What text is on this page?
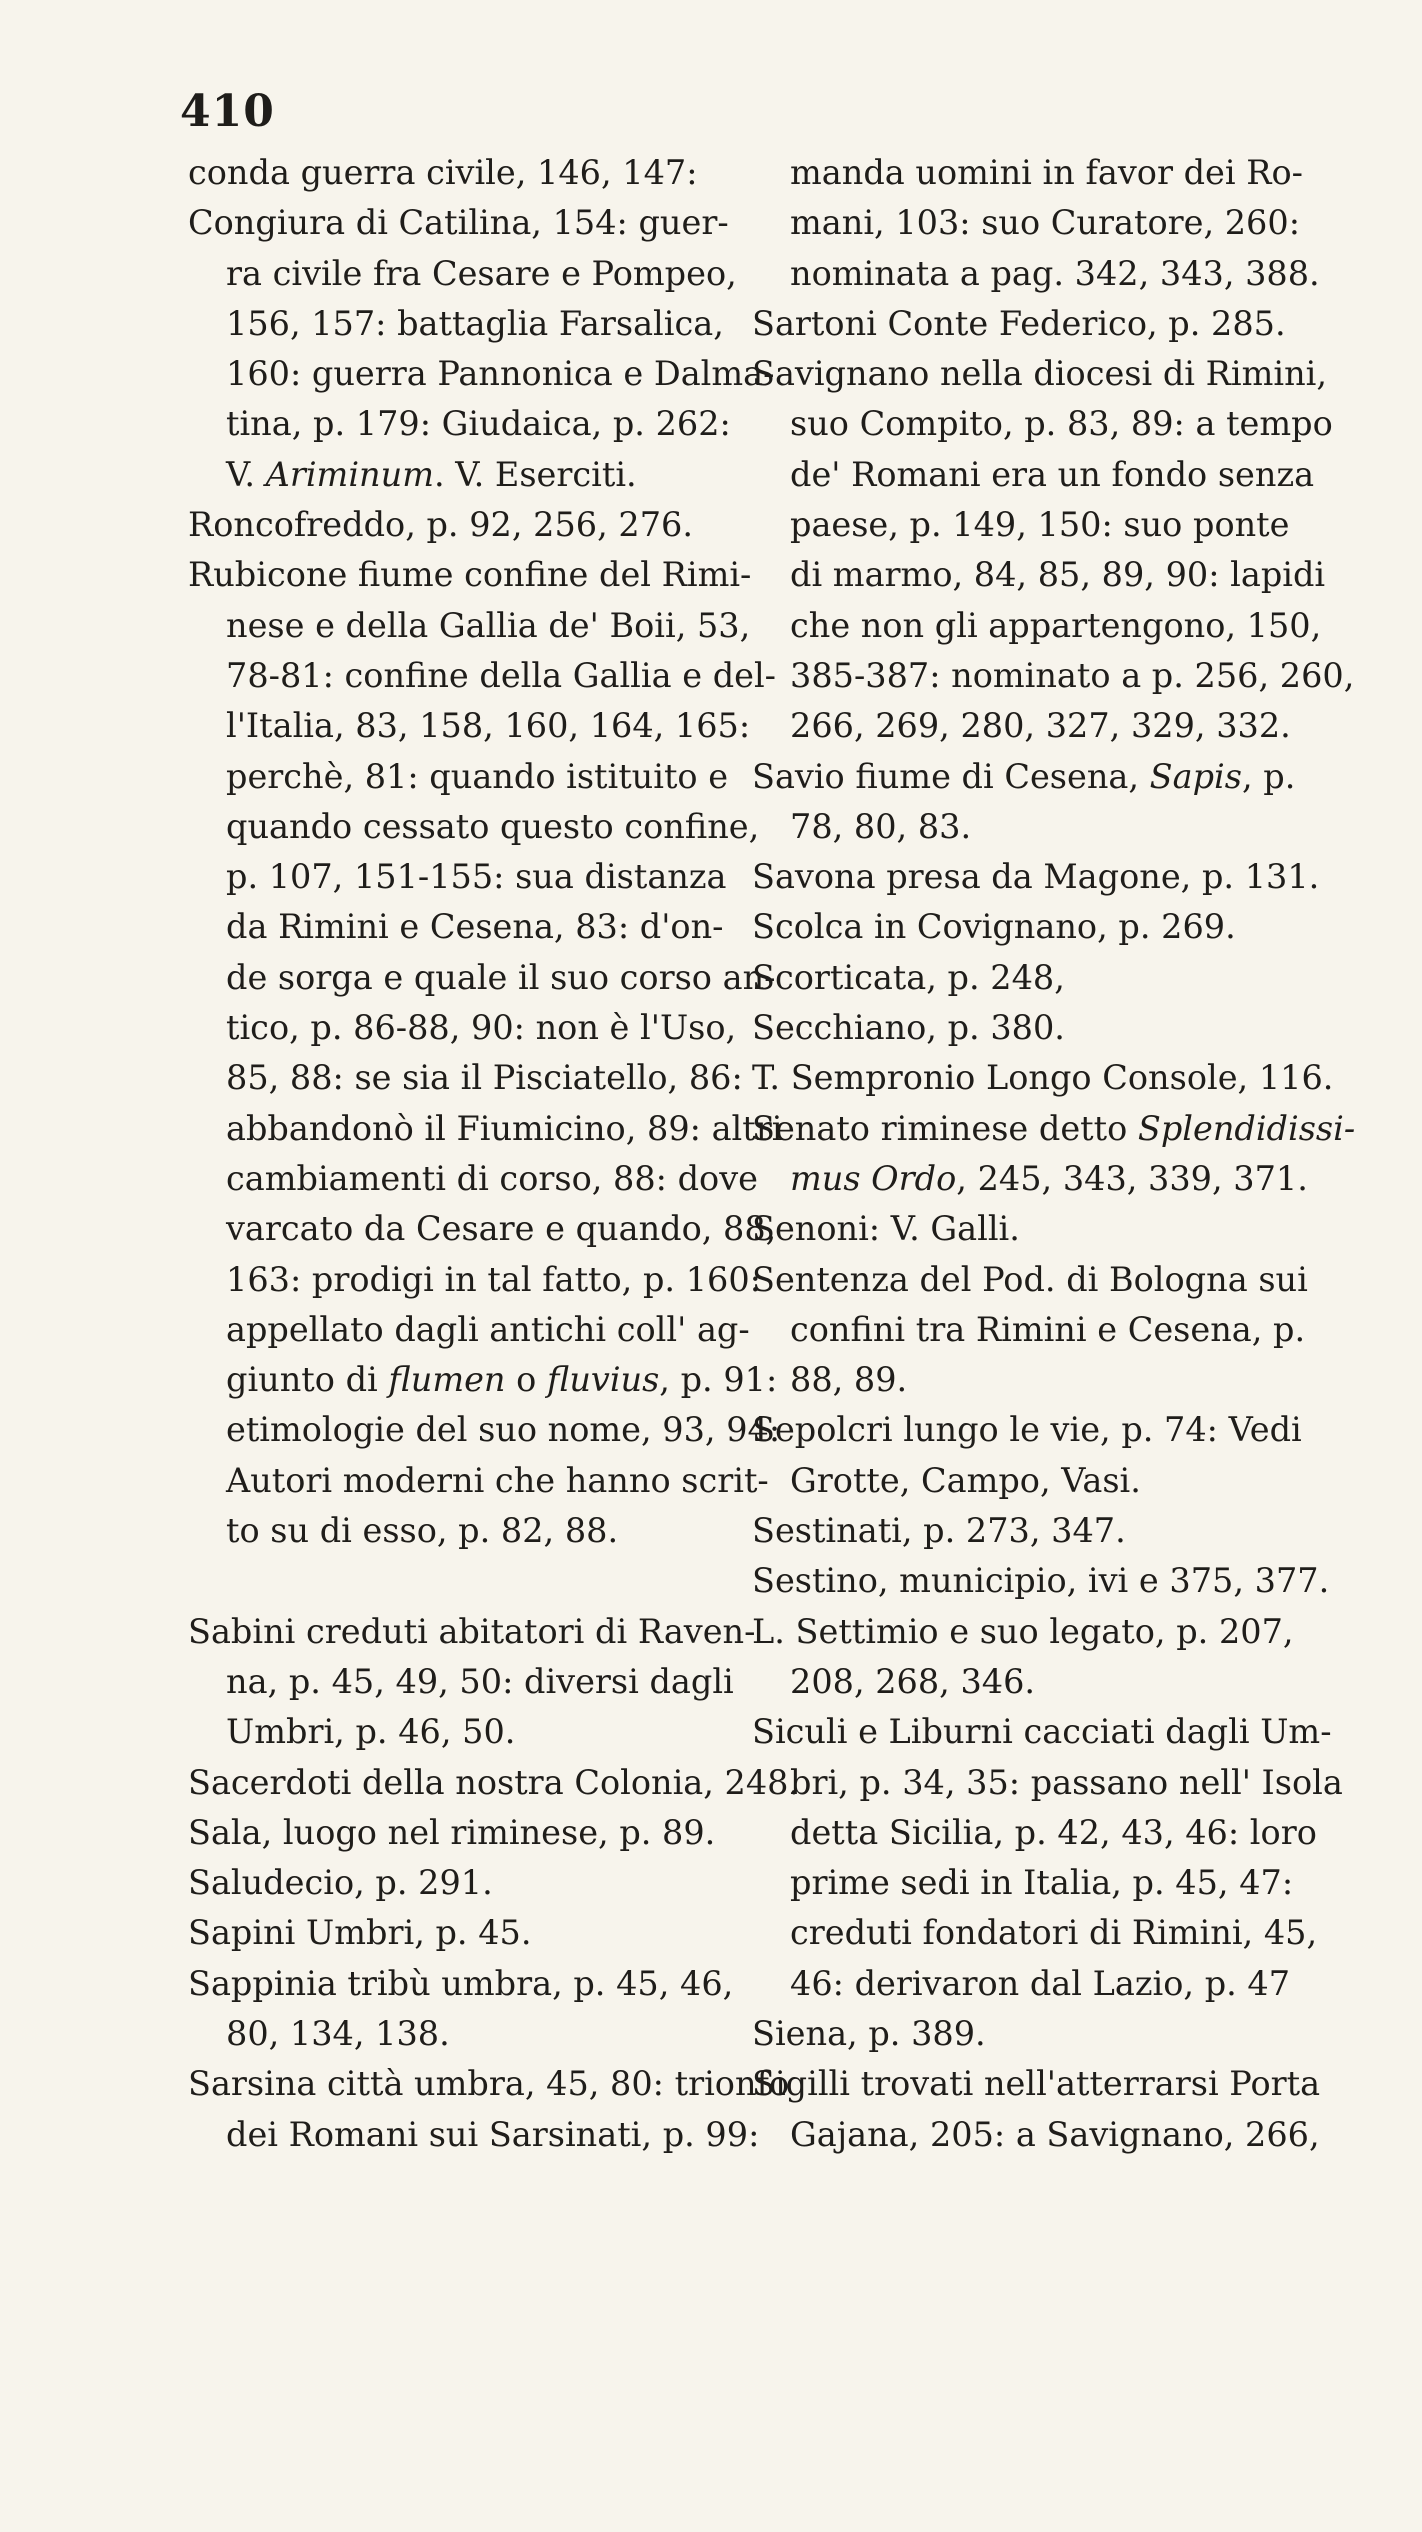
410
conda guerra civile, 146, 147:
Congiura di Catilina, 154: guer-
ra civile fra Cesare e Pompeo,
156, 157: battaglia Farsalica,
160: guerra Pannonica e Dalma-
tina, p. 179: Giudaica, p. 262:
V. Ariminum. V. Eserciti.
Roncofreddo, p. 92, 256, 276.
Rubicone fiume confine del Rimi-
nese e della Gallia de' Boii, 53,
78-81: confine della Gallia e del-
l'Italia, 83, 158, 160, 164, 165:
perchè, 81: quando istituito e
quando cessato questo confine,
p. 107, 151-155: sua distanza
da Rimini e Cesena, 83: d'on-
de sorga e quale il suo corso an-
tico, p. 86-88, 90: non è l'Uso,
85, 88: se sia il Pisciatello, 86:
abbandonò il Fiumicino, 89: altri
cambiamenti di corso, 88: dove
varcato da Cesare e quando, 88,
163: prodigi in tal fatto, p. 160:
appellato dagli antichi coll' ag-
giunto di flumen o fluvius, p. 91:
etimologie del suo nome, 93, 94:
Autori moderni che hanno scrit-
to su di esso, p. 82, 88.
Sabini creduti abitatori di Raven-
na, p. 45, 49, 50: diversi dagli
Umbri, p. 46, 50.
Sacerdoti della nostra Colonia, 248.
Sala, luogo nel riminese, p. 89.
Saludecio, p. 291.
Sapini Umbri, p. 45.
Sappinia tribù umbra, p. 45, 46,
80, 134, 138.
Sarsina città umbra, 45, 80: trionfo
dei Romani sui Sarsinati, p. 99:
manda uomini in favor dei Ro-
mani, 103: suo Curatore, 260:
nominata a pag. 342, 343, 388.
Sartoni Conte Federico, p. 285.
Savignano nella diocesi di Rimini,
suo Compito, p. 83, 89: a tempo
de' Romani era un fondo senza
paese, p. 149, 150: suo ponte
di marmo, 84, 85, 89, 90: lapidi
che non gli appartengono, 150,
385-387: nominato a p. 256, 260,
266, 269, 280, 327, 329, 332.
Savio fiume di Cesena, Sapis, p.
78, 80, 83.
Savona presa da Magone, p. 131.
Scolca in Covignano, p. 269.
Scorticata, p. 248,
Secchiano, p. 380.
T. Sempronio Longo Console, 116.
Senato riminese detto Splendidissi-
mus Ordo, 245, 343, 339, 371.
Senoni: V. Galli.
Sentenza del Pod. di Bologna sui
confini tra Rimini e Cesena, p.
88, 89.
Sepolcri lungo le vie, p. 74: Vedi
Grotte, Campo, Vasi.
Sestinati, p. 273, 347.
Sestino, municipio, ivi e 375, 377.
L. Settimio e suo legato, p. 207,
208, 268, 346.
Siculi e Liburni cacciati dagli Um-
bri, p. 34, 35: passano nell' Isola
detta Sicilia, p. 42, 43, 46: loro
prime sedi in Italia, p. 45, 47:
creduti fondatori di Rimini, 45,
46: derivaron dal Lazio, p. 47
Siena, p. 389.
Sigilli trovati nell'atterrarsi Porta
Gajana, 205: a Savignano, 266,
